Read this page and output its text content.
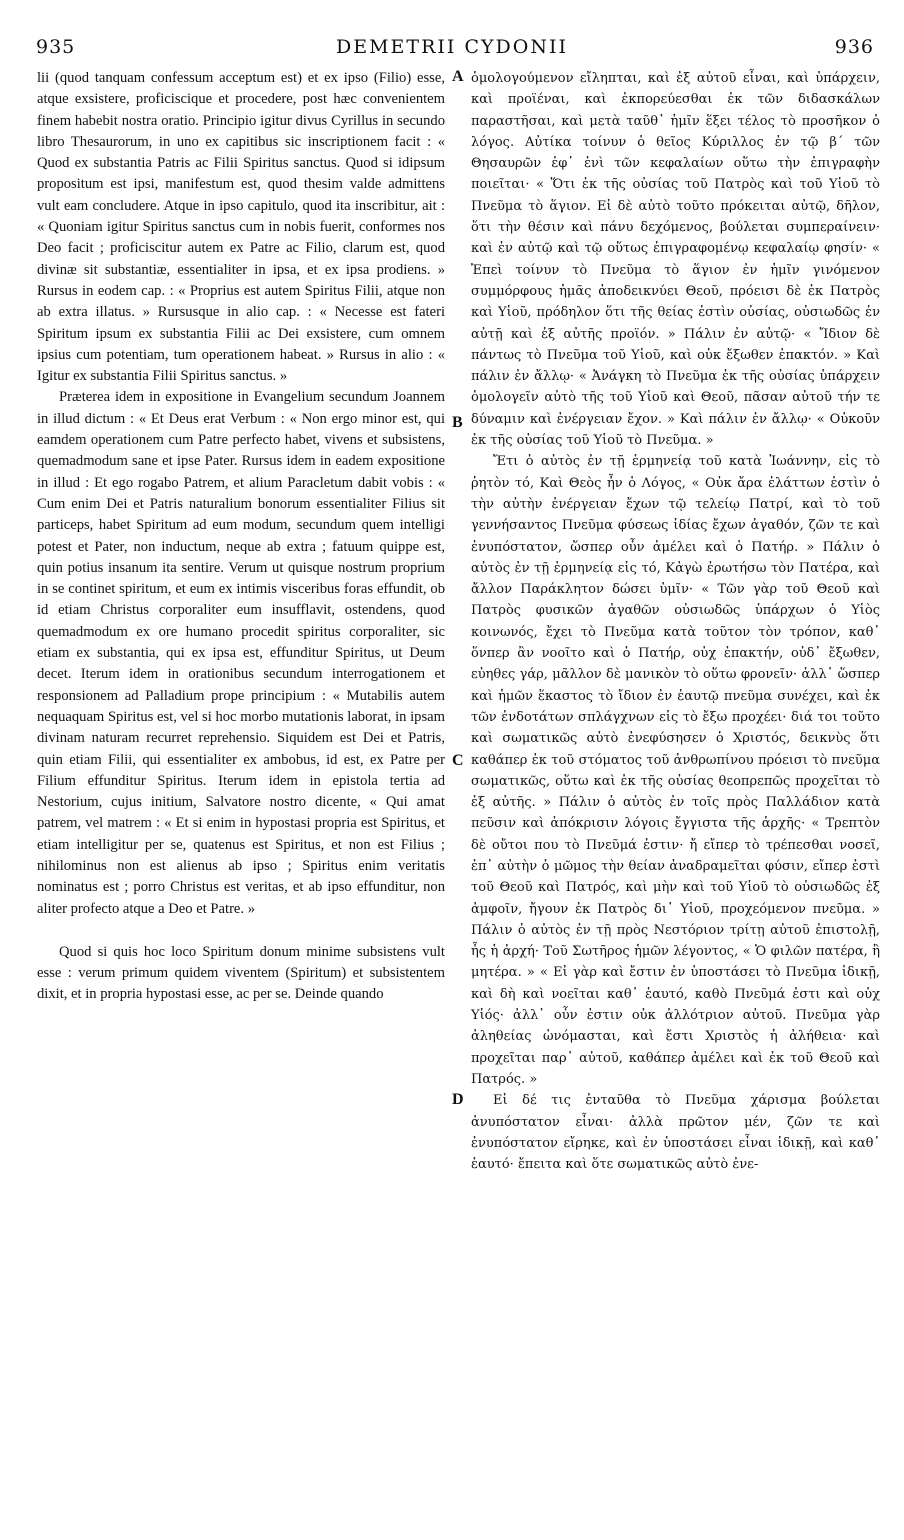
DEMETRII CYDONII
935	936

lii (quod tanquam confessum acceptum est) et ex ipso (Filio) esse, atque exsistere, proficiscique et procedere, post hæc convenientem finem habebit nostra oratio. Principio igitur divus Cyrillus in secundo libro Thesaurorum, in uno ex capitibus sic inscriptionem facit : « Quod ex substantia Patris ac Filii Spiritus sanctus. Quod si idipsum propositum est ipsi, manifestum est, quod thesim valde admittens vult eam concludere. Atque in ipso capitulo, quod ita inscribitur, ait : « Quoniam igitur Spiritus sanctus cum in nobis fuerit, conformes nos Deo facit ; proficiscitur autem ex Patre ac Filio, clarum est, quod divinæ sit substantiæ, essentialiter in ipsa, et ex ipsa prodiens. » Rursus in eodem cap. : « Proprius est autem Spiritus Filii, atque non ab extra illatus. » Rursusque in alio cap. : « Necesse est fateri Spiritum ipsum ex substantia Filii ac Dei exsistere, cum omnem ipsius cum potentiam, tum operationem habeat. » Rursus in alio : « Igitur ex substantia Filii Spiritus sanctus. »

Præterea idem in expositione in Evangelium secundum Joannem in illud dictum : « Et Deus erat Verbum : « Non ergo minor est, qui eamdem operationem cum Patre perfecto habet, vivens et subsistens, quemadmodum sane et ipse Pater. Rursus idem in eadem expositione in illud : Et ego rogabo Patrem, et alium Paracletum dabit vobis : « Cum enim Dei et Patris naturalium bonorum essentialiter Filius sit particeps, habet Spiritum ad eum modum, secundum quem intelligi potest et Pater, non inductum, neque ab extra ; fatuum quippe est, quin potius insanum ita sentire. Verum ut quisque nostrum proprium in se continet spiritum, et eum ex intimis visceribus foras effundit, ob id etiam Christus corporaliter eum insufflavit, ostendens, quod quemadmodum ex ore humano procedit spiritus corporaliter, sic etiam ex substantia, qui ex ipsa est, effunditur Spiritus, ut Deum decet. Iterum idem in orationibus secundum interrogationem et responsionem ad Palladium prope principium : « Mutabilis autem nequaquam Spiritus est, vel si hoc morbo mutationis laborat, in ipsam divinam naturam recurret reprehensio. Siquidem est Dei et Patris, quin etiam Filii, qui essentialiter ex ambobus, id est, ex Patre per Filium effunditur Spiritus. Iterum idem in epistola tertia ad Nestorium, cujus initium, Salvatore nostro dicente, « Qui amat patrem, vel matrem : « Et si enim in hypostasi propria est Spiritus, et etiam intelligitur per se, quatenus est Spiritus, et non est Filius ; nihilominus non est alienus ab ipso ; Spiritus enim veritatis nominatus est ; porro Christus est veritas, et ab ipso effunditur, non aliter profecto atque a Deo et Patre. »

Quod si quis hoc loco Spiritum donum minime subsistens vult esse : verum primum quidem viventem (Spiritum) et subsistentem dixit, et in propria hypostasi esse, ac per se. Deinde quando

A
B
C
D

ὁμολογούμενον εἴληπται, καὶ ἐξ αὐτοῦ εἶναι, καὶ ὑπάρχειν, καὶ προϊέναι, καὶ ἐκπορεύεσθαι ἐκ τῶν διδασκάλων παραστῆσαι, καὶ μετὰ ταῦθ᾿ ἡμῖν ἕξει τέλος τὸ προσῆκον ὁ λόγος. Αὐτίκα τοίνυν ὁ θεῖος Κύριλλος ἐν τῷ β´ τῶν Θησαυρῶν ἐφ᾿ ἑνὶ τῶν κεφαλαίων οὕτω τὴν ἐπιγραφὴν ποιεῖται· « Ὅτι ἐκ τῆς οὐσίας τοῦ Πατρὸς καὶ τοῦ Υἱοῦ τὸ Πνεῦμα τὸ ἅγιον. Εἰ δὲ αὐτὸ τοῦτο πρόκειται αὐτῷ, δῆλον, ὅτι τὴν θέσιν καὶ πάνυ δεχόμενος, βούλεται συμπεραίνειν· καὶ ἐν αὐτῷ καὶ τῷ οὕτως ἐπιγραφομένῳ κεφαλαίῳ φησίν· « Ἐπεὶ τοίνυν τὸ Πνεῦμα τὸ ἅγιον ἐν ἡμῖν γινόμενον συμμόρφους ἡμᾶς ἀποδεικνύει Θεοῦ, πρόεισι δὲ ἐκ Πατρὸς καὶ Υἱοῦ, πρόδηλον ὅτι τῆς θείας ἐστὶν οὐσίας, οὐσιωδῶς ἐν αὐτῇ καὶ ἐξ αὐτῆς προϊόν. » Πάλιν ἐν αὐτῷ· « Ἴδιον δὲ πάντως τὸ Πνεῦμα τοῦ Υἱοῦ, καὶ οὐκ ἔξωθεν ἐπακτόν. » Καὶ πάλιν ἐν ἄλλῳ· « Ἀνάγκη τὸ Πνεῦμα ἐκ τῆς οὐσίας ὑπάρχειν ὁμολογεῖν αὐτὸ τῆς τοῦ Υἱοῦ καὶ Θεοῦ, πᾶσαν αὐτοῦ τήν τε δύναμιν καὶ ἐνέργειαν ἔχον. » Καὶ πάλιν ἐν ἄλλῳ· « Οὐκοῦν ἐκ τῆς οὐσίας τοῦ Υἱοῦ τὸ Πνεῦμα. »

Ἔτι ὁ αὐτὸς ἐν τῇ ἑρμηνείᾳ τοῦ κατὰ Ἰωάννην, εἰς τὸ ῥητὸν τό, Καὶ Θεὸς ἦν ὁ Λόγος, « Οὐκ ἄρα ἐλάττων ἐστὶν ὁ τὴν αὐτὴν ἐνέργειαν ἔχων τῷ τελείῳ Πατρί, καὶ τὸ τοῦ γεννήσαντος Πνεῦμα φύσεως ἰδίας ἔχων ἀγαθόν, ζῶν τε καὶ ἐνυπόστατον, ὥσπερ οὖν ἀμέλει καὶ ὁ Πατήρ. » Πάλιν ὁ αὐτὸς ἐν τῇ ἑρμηνείᾳ εἰς τό, Κἀγὼ ἐρωτήσω τὸν Πατέρα, καὶ ἄλλον Παράκλητον δώσει ὑμῖν· « Τῶν γὰρ τοῦ Θεοῦ καὶ Πατρὸς φυσικῶν ἀγαθῶν οὐσιωδῶς ὑπάρχων ὁ Υἱὸς κοινωνός, ἔχει τὸ Πνεῦμα κατὰ τοῦτον τὸν τρόπον, καθ᾿ ὅνπερ ἂν νοοῖτο καὶ ὁ Πατήρ, οὐχ ἐπακτήν, οὐδ᾿ ἔξωθεν, εὐηθες γάρ, μᾶλλον δὲ μανικὸν τὸ οὕτω φρονεῖν· ἀλλ᾿ ὥσπερ καὶ ἡμῶν ἕκαστος τὸ ἴδιον ἐν ἑαυτῷ πνεῦμα συνέχει, καὶ ἐκ τῶν ἐνδοτάτων σπλάγχνων εἰς τὸ ἔξω προχέει· διά τοι τοῦτο καὶ σωματικῶς αὐτὸ ἐνεφύσησεν ὁ Χριστός, δεικνὺς ὅτι καθάπερ ἐκ τοῦ στόματος τοῦ ἀνθρωπίνου πρόεισι τὸ πνεῦμα σωματικῶς, οὕτω καὶ ἐκ τῆς οὐσίας θεοπρεπῶς προχεῖται τὸ ἐξ αὐτῆς. » Πάλιν ὁ αὐτὸς ἐν τοῖς πρὸς Παλλάδιον κατὰ πεῦσιν καὶ ἀπόκρισιν λόγοις ἔγγιστα τῆς ἀρχῆς· « Τρεπτὸν δὲ οὔτοι που τὸ Πνεῦμά ἐστιν· ἤ εἴπερ τὸ τρέπεσθαι νοσεῖ, ἐπ᾿ αὐτὴν ὁ μῶμος τὴν θείαν ἀναδραμεῖται φύσιν, εἴπερ ἐστὶ τοῦ Θεοῦ καὶ Πατρός, καὶ μὴν καὶ τοῦ Υἱοῦ τὸ οὐσιωδῶς ἐξ ἀμφοῖν, ἤγουν ἐκ Πατρὸς δι᾿ Υἱοῦ, προχεόμενον πνεῦμα. » Πάλιν ὁ αὐτὸς ἐν τῇ πρὸς Νεστόριον τρίτῃ αὐτοῦ ἐπιστολῇ, ἧς ἡ ἀρχή· Τοῦ Σωτῆρος ἡμῶν λέγοντος, « Ὁ φιλῶν πατέρα, ἢ μητέρα. » « Εἰ γὰρ καὶ ἔστιν ἐν ὑποστάσει τὸ Πνεῦμα ἰδικῇ, καὶ δὴ καὶ νοεῖται καθ᾿ ἑαυτό, καθὸ Πνεῦμά ἐστι καὶ οὐχ Υἱός· ἀλλ᾿ οὖν ἐστιν οὐκ ἀλλότριον αὐτοῦ. Πνεῦμα γὰρ ἀληθείας ὠνόμασται, καὶ ἔστι Χριστὸς ἡ ἀλήθεια· καὶ προχεῖται παρ᾿ αὐτοῦ, καθάπερ ἀμέλει καὶ ἐκ τοῦ Θεοῦ καὶ Πατρός. »

Εἰ δέ τις ἐνταῦθα τὸ Πνεῦμα χάρισμα βούλεται ἀνυπόστατον εἶναι· ἀλλὰ πρῶτον μέν, ζῶν τε καὶ ἐνυπόστατον εἴρηκε, καὶ ἐν ὑποστάσει εἶναι ἰδικῇ, καὶ καθ᾿ ἑαυτό· ἔπειτα καὶ ὅτε σωματικῶς αὐτὸ ἐνε-
